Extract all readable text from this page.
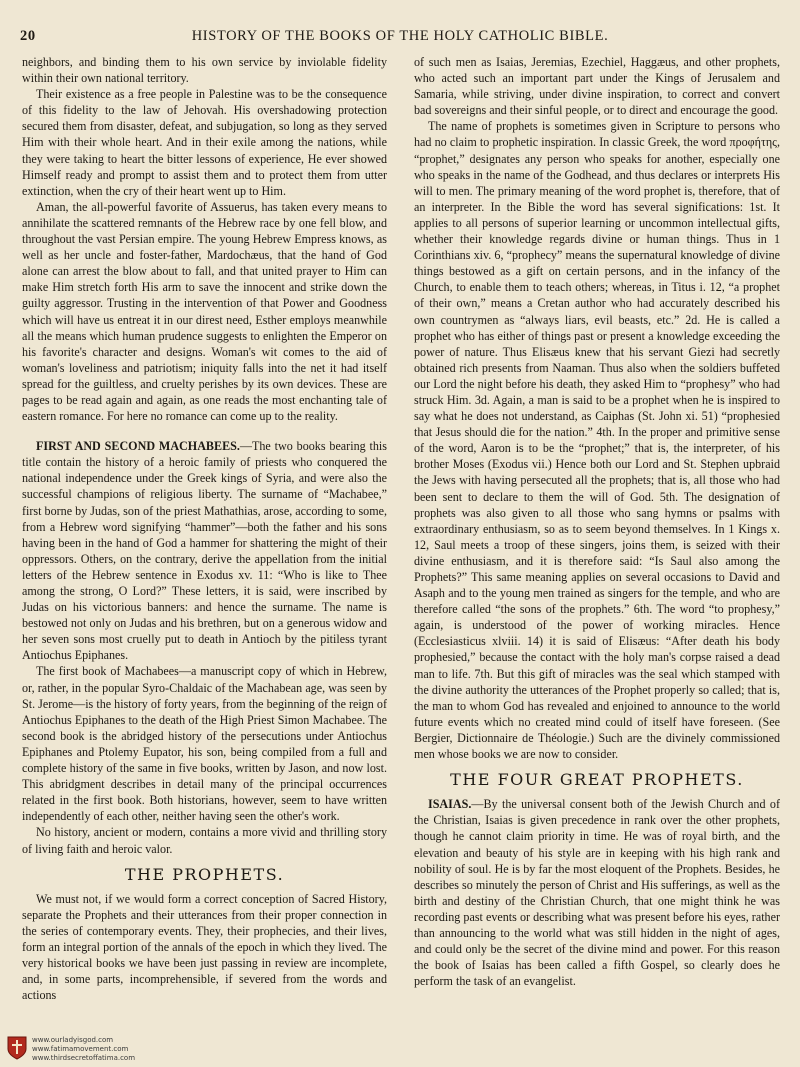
20	HISTORY OF THE BOOKS OF THE HOLY CATHOLIC BIBLE.

neighbors, and binding them to his own service by inviolable fidelity within their own national territory.

Their existence as a free people in Palestine was to be the consequence of this fidelity to the law of Jehovah. His overshadowing protection secured them from disaster, defeat, and subjugation, so long as they served Him with their whole heart. And in their exile among the nations, while they were taking to heart the bitter lessons of experience, He ever showed Himself ready and prompt to assist them and to protect them from utter extinction, when the cry of their heart went up to Him.

Aman, the all-powerful favorite of Assuerus, has taken every means to annihilate the scattered remnants of the Hebrew race by one fell blow, and throughout the vast Persian empire. The young Hebrew Empress knows, as well as her uncle and foster-father, Mardochæus, that the hand of God alone can arrest the blow about to fall, and that united prayer to Him can make Him stretch forth His arm to save the innocent and strike down the guilty aggressor. Trusting in the intervention of that Power and Goodness which will have us entreat it in our direst need, Esther employs meanwhile all the means which human prudence suggests to enlighten the Emperor on his favorite's character and designs. Woman's wit comes to the aid of woman's loveliness and patriotism; iniquity falls into the net it had itself spread for the guiltless, and cruelty perishes by its own devices. These are pages to be read again and again, as one reads the most enchanting tale of eastern romance. For here no romance can come up to the reality.

FIRST AND SECOND MACHABEES.—The two books bearing this title contain the history of a heroic family of priests who conquered the national independence under the Greek kings of Syria, and were also the successful champions of religious liberty. The surname of “Machabee,” first borne by Judas, son of the priest Mathathias, arose, according to some, from a Hebrew word signifying “hammer”—both the father and his sons having been in the hand of God a hammer for shattering the might of their oppressors. Others, on the contrary, derive the appellation from the initial letters of the Hebrew sentence in Exodus xv. 11: “Who is like to Thee among the strong, O Lord?” These letters, it is said, were inscribed by Judas on his victorious banners: and hence the surname. The name is bestowed not only on Judas and his brethren, but on a generous widow and her seven sons most cruelly put to death in Antioch by the pitiless tyrant Antiochus Epiphanes.

The first book of Machabees—a manuscript copy of which in Hebrew, or, rather, in the popular Syro-Chaldaic of the Machabean age, was seen by St. Jerome—is the history of forty years, from the beginning of the reign of Antiochus Epiphanes to the death of the High Priest Simon Machabee. The second book is the abridged history of the persecutions under Antiochus Epiphanes and Ptolemy Eupator, his son, being compiled from a full and complete history of the same in five books, written by Jason, and now lost. This abridgment describes in detail many of the principal occurrences related in the first book. Both historians, however, seem to have written independently of each other, neither having seen the other's work.

No history, ancient or modern, contains a more vivid and thrilling story of living faith and heroic valor.

THE PROPHETS.

We must not, if we would form a correct conception of Sacred History, separate the Prophets and their utterances from their proper connection in the series of contemporary events. They, their prophecies, and their lives, form an integral portion of the annals of the epoch in which they lived. The very historical books we have been just passing in review are incomplete, and, in some parts, incomprehensible, if severed from the words and actions

of such men as Isaias, Jeremias, Ezechiel, Haggæus, and other prophets, who acted such an important part under the Kings of Jerusalem and Samaria, while striving, under divine inspiration, to correct and convert bad sovereigns and their sinful people, or to direct and encourage the good.

The name of prophets is sometimes given in Scripture to persons who had no claim to prophetic inspiration. In classic Greek, the word προφήτης, “prophet,” designates any person who speaks for another, especially one who speaks in the name of the Godhead, and thus declares or interprets His will to men. The primary meaning of the word prophet is, therefore, that of an interpreter. In the Bible the word has several significations: 1st. It applies to all persons of superior learning or uncommon intellectual gifts, whether their knowledge regards divine or human things. Thus in 1 Corinthians xiv. 6, “prophecy” means the supernatural knowledge of divine things bestowed as a gift on certain persons, and in the infancy of the Church, to enable them to teach others; whereas, in Titus i. 12, “a prophet of their own,” means a Cretan author who had accurately described his own countrymen as “always liars, evil beasts, etc.” 2d. He is called a prophet who has either of things past or present a knowledge exceeding the power of nature. Thus Elisæus knew that his servant Giezi had secretly obtained rich presents from Naaman. Thus also when the soldiers buffeted our Lord the night before his death, they asked Him to “prophesy” who had struck Him. 3d. Again, a man is said to be a prophet when he is inspired to say what he does not understand, as Caiphas (St. John xi. 51) “prophesied that Jesus should die for the nation.” 4th. In the proper and primitive sense of the word, Aaron is to be the “prophet;” that is, the interpreter, of his brother Moses (Exodus vii.) Hence both our Lord and St. Stephen upbraid the Jews with having persecuted all the prophets; that is, all those who had been sent to declare to them the will of God. 5th. The designation of prophets was also given to all those who sang hymns or psalms with extraordinary enthusiasm, so as to seem beyond themselves. In 1 Kings x. 12, Saul meets a troop of these singers, joins them, is seized with their divine enthusiasm, and it is therefore said: “Is Saul also among the Prophets?” This same meaning applies on several occasions to David and Asaph and to the young men trained as singers for the temple, and who are therefore called “the sons of the prophets.” 6th. The word “to prophesy,” again, is understood of the power of working miracles. Hence (Ecclesiasticus xlviii. 14) it is said of Elisæus: “After death his body prophesied,” because the contact with the holy man's corpse raised a dead man to life. 7th. But this gift of miracles was the seal which stamped with the divine authority the utterances of the Prophet properly so called; that is, the man to whom God has revealed and enjoined to announce to the world future events which no created mind could of itself have foreseen. (See Bergier, Dictionnaire de Théologie.) Such are the divinely commissioned men whose books we are now to consider.

THE FOUR GREAT PROPHETS.

ISAIAS.—By the universal consent both of the Jewish Church and of the Christian, Isaias is given precedence in rank over the other prophets, though he cannot claim priority in time. He was of royal birth, and the elevation and beauty of his style are in keeping with his high rank and nobility of soul. He is by far the most eloquent of the Prophets. Besides, he describes so minutely the person of Christ and His sufferings, as well as the birth and destiny of the Christian Church, that one might think he was recording past events or describing what was present before his eyes, rather than announcing to the world what was still hidden in the night of ages, and could only be the secret of the divine mind and power. For this reason the book of Isaias has been called a fifth Gospel, so clearly does he perform the task of an evangelist.

www.ourladyisgod.com
www.fatimamovement.com
www.thirdsecretoffatima.com
